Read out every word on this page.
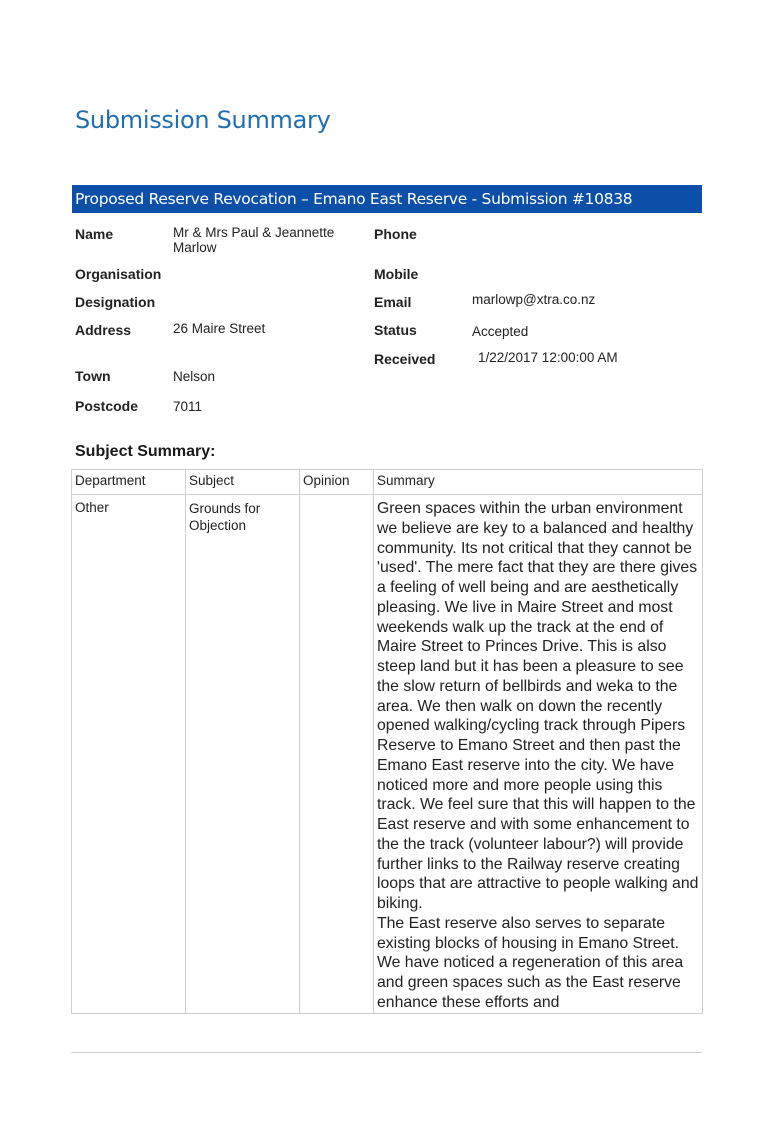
Submission Summary
Proposed Reserve Revocation – Emano East Reserve - Submission #10838
Name	Mr & Mrs Paul & Jeannette Marlow
Organisation
Designation
Address	26 Maire Street
Town	Nelson
Postcode	7011
Phone
Mobile
Email	marlowp@xtra.co.nz
Status	Accepted
Received	1/22/2017 12:00:00 AM
Subject Summary:
Department	Subject	Opinion	Summary
Other	Grounds for Objection		Green spaces within the urban environment we believe are key to a balanced and healthy community. Its not critical that they cannot be 'used'. The mere fact that they are there gives a feeling of well being and are aesthetically pleasing. We live in Maire Street and most weekends walk up the track at the end of Maire Street to Princes Drive. This is also steep land but it has been a pleasure to see the slow return of bellbirds and weka to the area. We then walk on down the recently opened walking/cycling track through Pipers Reserve to Emano Street and then past the Emano East reserve into the city. We have noticed more and more people using this track. We feel sure that this will happen to the East reserve and with some enhancement to the the track (volunteer labour?) will provide further links to the Railway reserve creating loops that are attractive to people walking and biking.

The East reserve also serves to separate existing blocks of housing in Emano Street. We have noticed a regeneration of this area and green spaces such as the East reserve enhance these efforts and
